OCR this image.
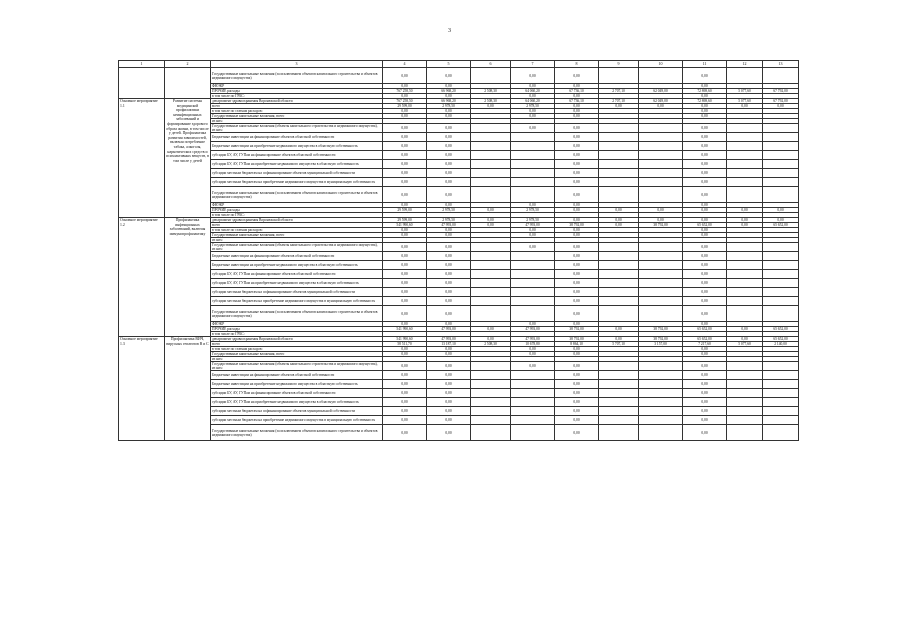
3
1	2	3	4	5	6	7	8	9	10	11	12	13
		Государственные капитальные вложения (за исключением объектов капитального строительства и объектов недвижимого имущества)	0,00	0,00		0,00	0,00			0,00		
		ФНЭКР	0,00	0,00		0,00	0,00			0,00		
		ПРОЧИЕ расходы	767 258,50	66 968,20	2 508,30	64 060,20	67 736,10	2 707,10	62 049,00	72 869,60	5 077,60	67 792,00
		в том числе по ГРБС:	0,00	0,00		0,00	0,00			0,00		
Основное мероприятие 1.1	Развитие системы медицинской профилактики неинфекционных заболеваний и формирование здорового образа жизни, в том числе у детей. Профилактика развития зависимостей, включая потребление табака, алкоголя, наркотических средств и психоактивных веществ, в том числе у детей	департамент здравоохранения Воронежской области	767 258,50	66 968,20	2 508,30	64 060,20	67 736,10	2 707,10	62 049,00	72 869,60	5 077,60	67 792,00
		всего	29 599,00	2 978,50	0,00	2 978,50	0,00	0,00	0,00	0,00	0,00	0,00
		в том числе по статьям расходов:	0,00	0,00		0,00	0,00			0,00		
		Государственные капитальные вложения, всего	0,00	0,00		0,00	0,00			0,00		
		из них:										
		Государственные капитальные вложения (объекты капитального строительства и недвижимого имущества), из них:	0,00	0,00		0,00	0,00			0,00		
		Бюджетные инвестиции на финансирование объектов областной собственности	0,00	0,00			0,00			0,00		
		Бюджетные инвестиции на приобретение недвижимого имущества в областную собственность	0,00	0,00			0,00			0,00		
		субсидии БУ, АУ, ГУПам на финансирование объектов областной собственности	0,00	0,00			0,00			0,00		
		субсидии БУ, АУ, ГУПам на приобретение недвижимого имущества в областную собственность	0,00	0,00			0,00			0,00		
		субсидии местным бюджетам на софинансирование объектов муниципальной собственности	0,00	0,00			0,00			0,00		
		субсидии местным бюджетам на приобретение недвижимого имущества в муниципальную собственность	0,00	0,00			0,00			0,00		
		Государственные капитальные вложения (за исключением объектов капитального строительства и объектов недвижимого имущества)	0,00	0,00			0,00			0,00		
		ФНЭКР	0,00	0,00		0,00	0,00			0,00		
		ПРОЧИЕ расходы	29 599,00	2 978,50	0,00	2 978,50	0,00	0,00	0,00	0,00	0,00	0,00
		в том числе по ГРБС:										
Основное мероприятие 1.2	Профилактика инфекционных заболеваний, включая иммунопрофилактику	департамент здравоохранения Воронежской области	29 599,00	2 978,50	0,00	2 978,50	0,00	0,00	0,00	0,00	0,00	0,00
		всего	541 990,60	47 993,00	0,00	47 993,00	38 792,00	0,00	38 792,00	65 652,00	0,00	65 652,00
		в том числе по статьям расходов:	0,00	0,00		0,00	0,00			0,00		
		Государственные капитальные вложения, всего	0,00	0,00		0,00	0,00			0,00		
		из них:										
		Государственные капитальные вложения (объекты капитального строительства и недвижимого имущества), из них:	0,00	0,00		0,00	0,00			0,00		
		Бюджетные инвестиции на финансирование объектов областной собственности	0,00	0,00			0,00			0,00		
		Бюджетные инвестиции на приобретение недвижимого имущества в областную собственность	0,00	0,00			0,00			0,00		
		субсидии БУ, АУ, ГУПам на финансирование объектов областной собственности	0,00	0,00			0,00			0,00		
		субсидии БУ, АУ, ГУПам на приобретение недвижимого имущества в областную собственность	0,00	0,00			0,00			0,00		
		субсидии местным бюджетам на софинансирование объектов муниципальной собственности	0,00	0,00			0,00			0,00		
		субсидии местным бюджетам на приобретение недвижимого имущества в муниципальную собственность	0,00	0,00			0,00			0,00		
		Государственные капитальные вложения (за исключением объектов капитального строительства и объектов недвижимого имущества)	0,00	0,00			0,00			0,00		
		ФНЭКР	0,00	0,00		0,00	0,00			0,00		
		ПРОЧИЕ расходы	541 990,60	47 993,00	0,00	47 993,00	38 792,00	0,00	38 792,00	65 652,00	0,00	65 652,00
		в том числе по ГРБС:										
Основное мероприятие 1.3	Профилактика ВИЧ, вирусных гепатитов В и С	департамент здравоохранения Воронежской области	541 990,60	47 993,00	0,00	47 993,00	38 792,00	0,00	38 792,00	65 652,00	0,00	65 652,00
		всего	58 511,70	13 187,10	2 508,30	10 678,80	8 864,10	5 707,10	3 157,00	7 217,60	5 077,60	2 140,00
		в том числе по статьям расходов:	0,00	0,00		0,00	0,00			0,00		
		Государственные капитальные вложения, всего	0,00	0,00		0,00	0,00			0,00		
		из них:										
		Государственные капитальные вложения (объекты капитального строительства и недвижимого имущества), из них:	0,00	0,00		0,00	0,00			0,00		
		Бюджетные инвестиции на финансирование объектов областной собственности	0,00	0,00			0,00			0,00		
		Бюджетные инвестиции на приобретение недвижимого имущества в областную собственность	0,00	0,00			0,00			0,00		
		субсидии БУ, АУ, ГУПам на финансирование объектов областной собственности	0,00	0,00			0,00			0,00		
		субсидии БУ, АУ, ГУПам на приобретение недвижимого имущества в областную собственность	0,00	0,00			0,00			0,00		
		субсидии местным бюджетам на софинансирование объектов муниципальной собственности	0,00	0,00			0,00			0,00		
		субсидии местным бюджетам на приобретение недвижимого имущества в муниципальную собственность	0,00	0,00			0,00			0,00		
		Государственные капитальные вложения (за исключением объектов капитального строительства и объектов недвижимого имущества)	0,00	0,00			0,00			0,00		
